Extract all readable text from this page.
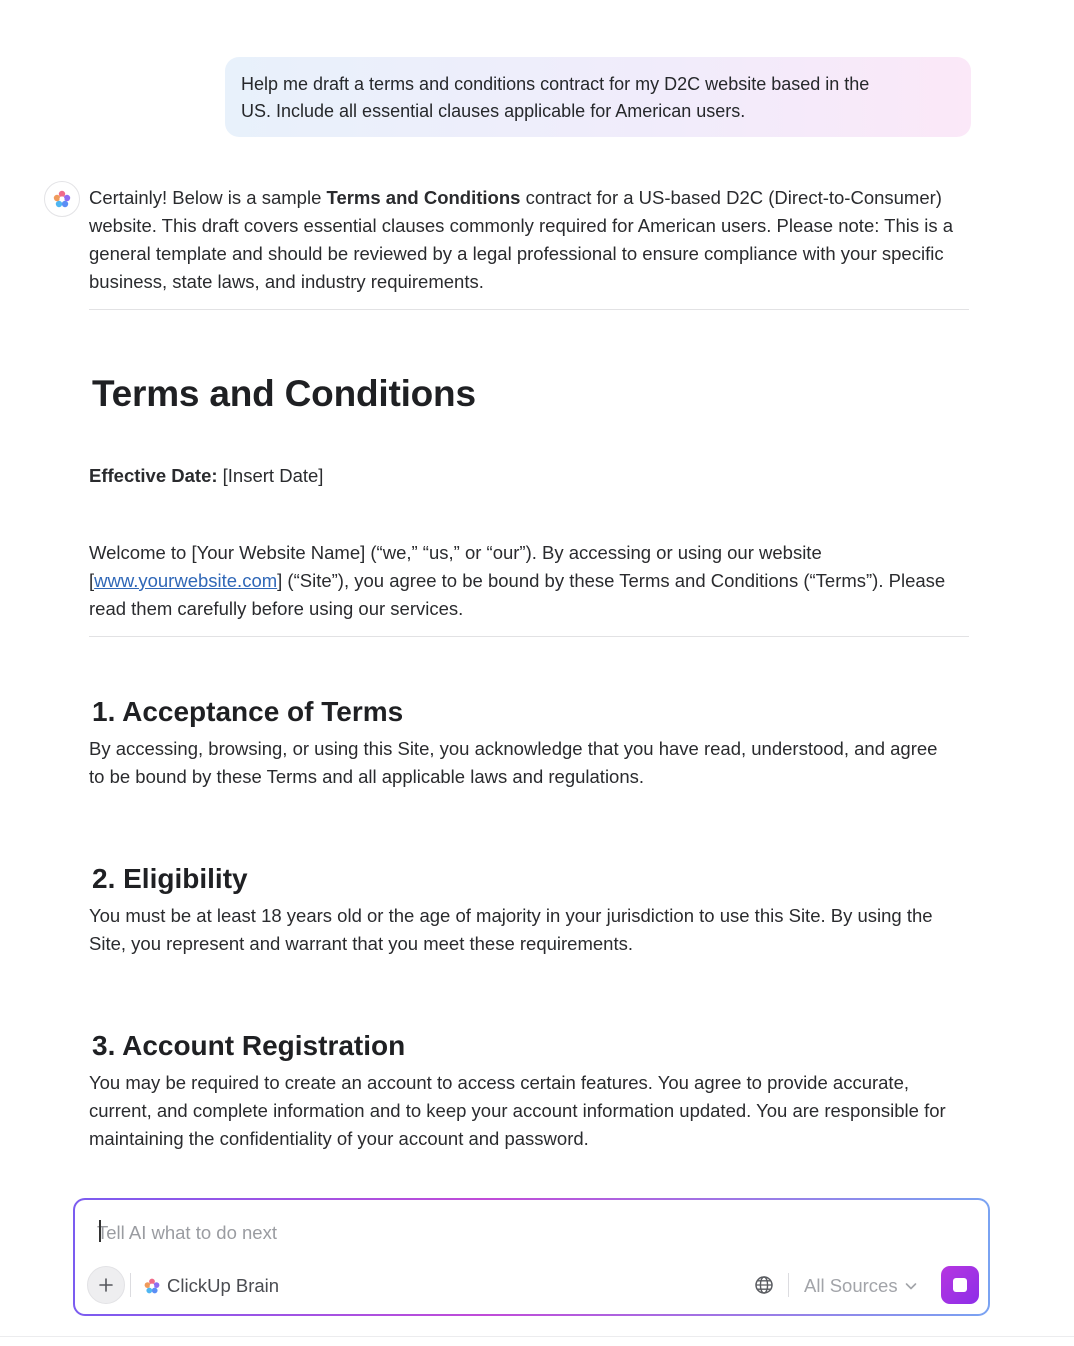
Help me draft a terms and conditions contract for my D2C website based in the
US. Include all essential clauses applicable for American users.

Certainly! Below is a sample Terms and Conditions contract for a US-based D2C (Direct-to-Consumer) website. This draft covers essential clauses commonly required for American users. Please note: This is a general template and should be reviewed by a legal professional to ensure compliance with your specific business, state laws, and industry requirements.

Terms and Conditions

Effective Date: [Insert Date]

Welcome to [Your Website Name] (“we,” “us,” or “our”). By accessing or using our website [www.yourwebsite.com] (“Site”), you agree to be bound by these Terms and Conditions (“Terms”). Please read them carefully before using our services.

1. Acceptance of Terms

By accessing, browsing, or using this Site, you acknowledge that you have read, understood, and agree to be bound by these Terms and all applicable laws and regulations.

2. Eligibility

You must be at least 18 years old or the age of majority in your jurisdiction to use this Site. By using the Site, you represent and warrant that you meet these requirements.

3. Account Registration

You may be required to create an account to access certain features. You agree to provide accurate, current, and complete information and to keep your account information updated. You are responsible for maintaining the confidentiality of your account and password.

Tell AI what to do next
ClickUp Brain	All Sources
